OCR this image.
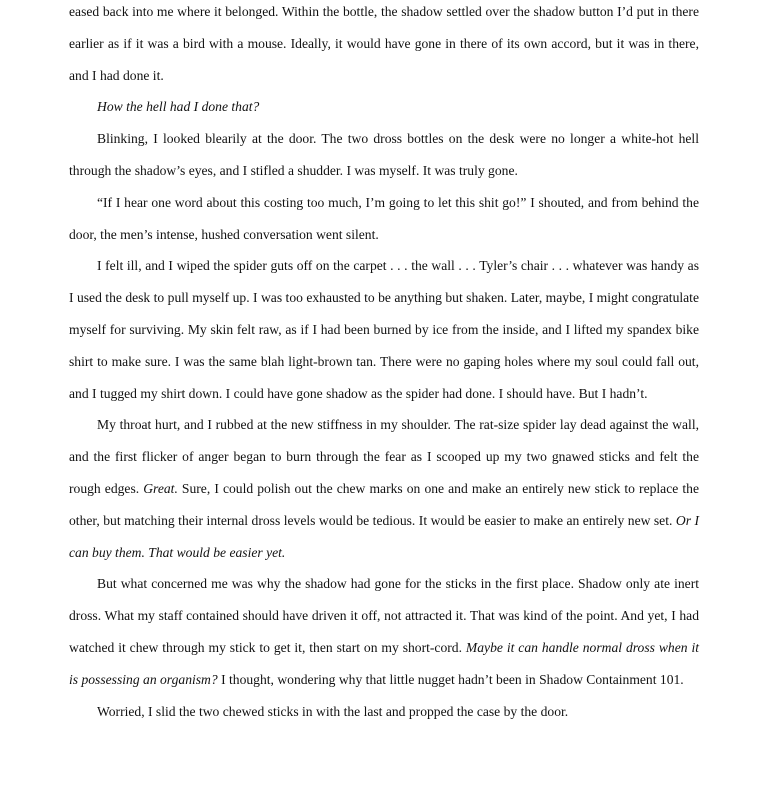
eased back into me where it belonged. Within the bottle, the shadow settled over the shadow button I’d put in there earlier as if it was a bird with a mouse. Ideally, it would have gone in there of its own accord, but it was in there, and I had done it.

How the hell had I done that?

Blinking, I looked blearily at the door. The two dross bottles on the desk were no longer a white-hot hell through the shadow’s eyes, and I stifled a shudder. I was myself. It was truly gone.

“If I hear one word about this costing too much, I’m going to let this shit go!” I shouted, and from behind the door, the men’s intense, hushed conversation went silent.

I felt ill, and I wiped the spider guts off on the carpet . . . the wall . . . Tyler’s chair . . . whatever was handy as I used the desk to pull myself up. I was too exhausted to be anything but shaken. Later, maybe, I might congratulate myself for surviving. My skin felt raw, as if I had been burned by ice from the inside, and I lifted my spandex bike shirt to make sure. I was the same blah light-brown tan. There were no gaping holes where my soul could fall out, and I tugged my shirt down. I could have gone shadow as the spider had done. I should have. But I hadn’t.

My throat hurt, and I rubbed at the new stiffness in my shoulder. The rat-size spider lay dead against the wall, and the first flicker of anger began to burn through the fear as I scooped up my two gnawed sticks and felt the rough edges. Great. Sure, I could polish out the chew marks on one and make an entirely new stick to replace the other, but matching their internal dross levels would be tedious. It would be easier to make an entirely new set. Or I can buy them. That would be easier yet.

But what concerned me was why the shadow had gone for the sticks in the first place. Shadow only ate inert dross. What my staff contained should have driven it off, not attracted it. That was kind of the point. And yet, I had watched it chew through my stick to get it, then start on my short-cord. Maybe it can handle normal dross when it is possessing an organism? I thought, wondering why that little nugget hadn’t been in Shadow Containment 101.

Worried, I slid the two chewed sticks in with the last and propped the case by the door.
